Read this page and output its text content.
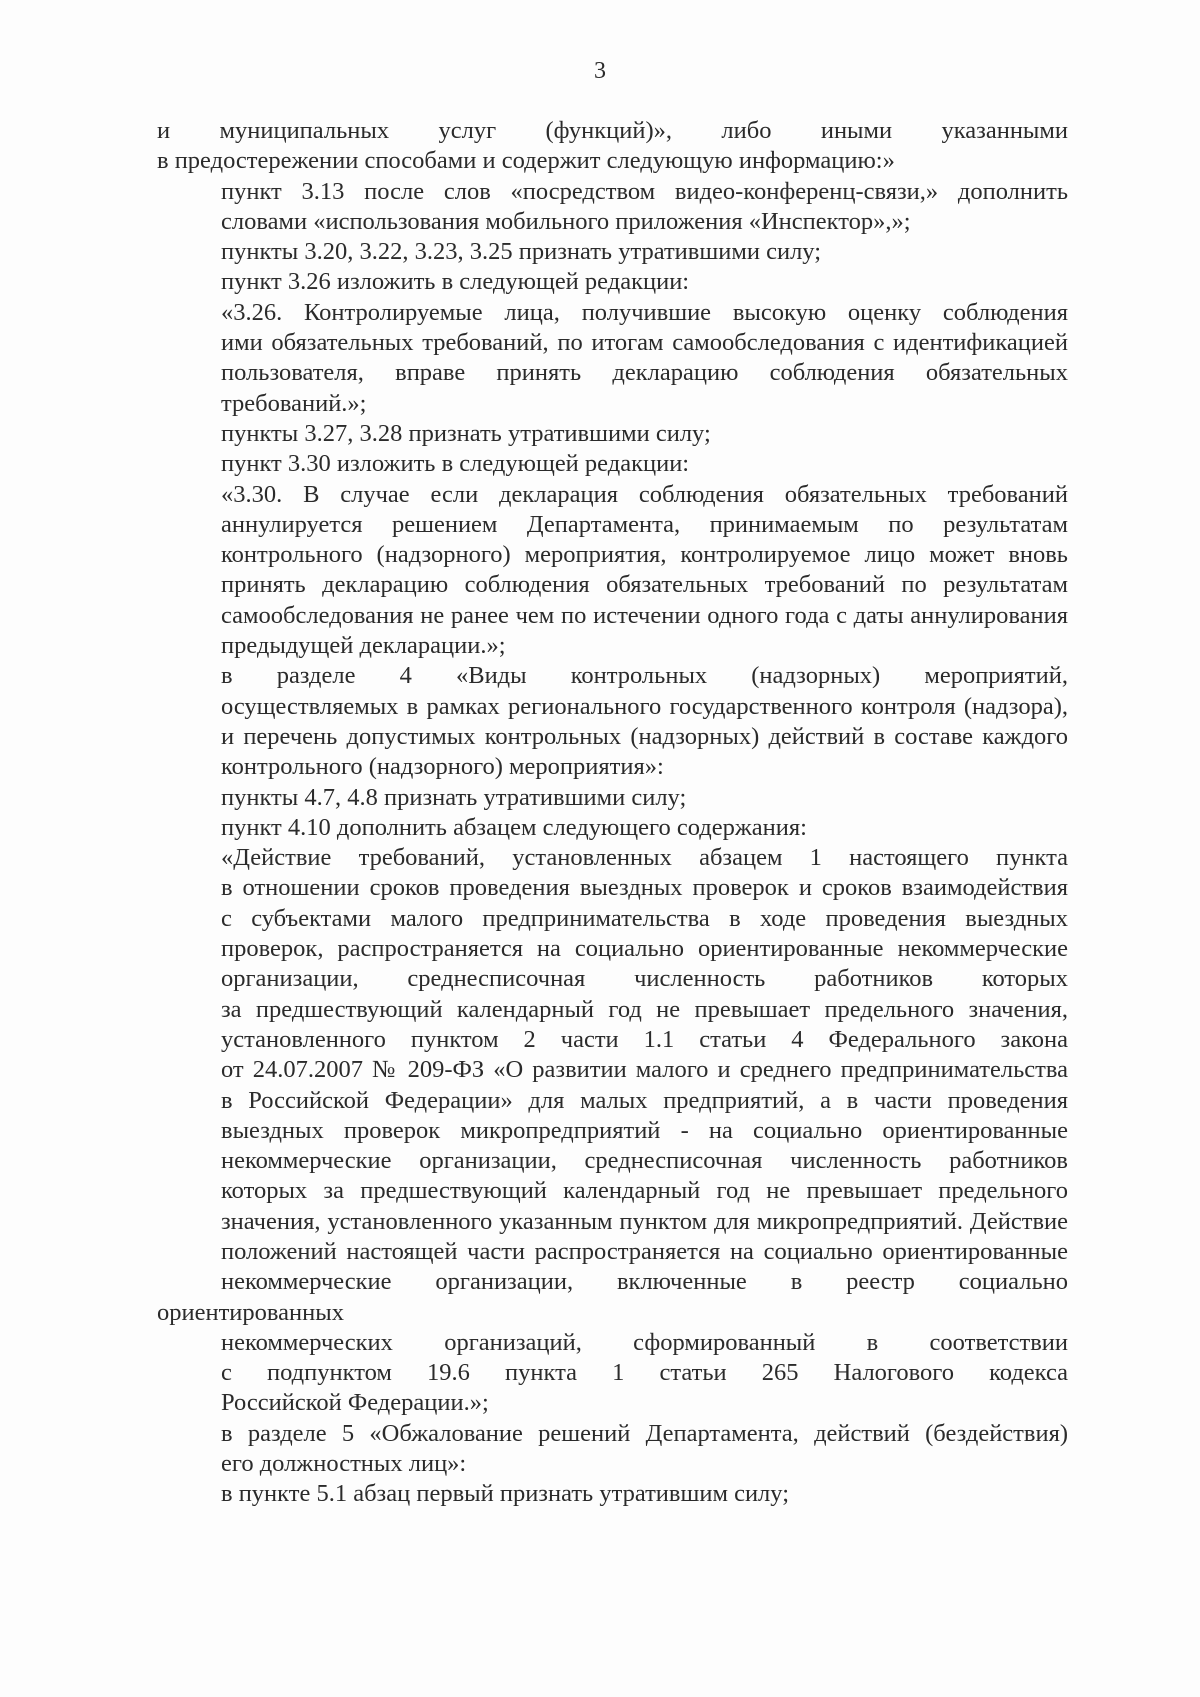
3

и муниципальных услуг (функций)», либо иными указанными
в предостережении способами и содержит следующую информацию:»

пункт 3.13 после слов «посредством видео-конференц-связи,» дополнить
словами «использования мобильного приложения «Инспектор»,»;

пункты 3.20, 3.22, 3.23, 3.25 признать утратившими силу;

пункт 3.26 изложить в следующей редакции:

«3.26. Контролируемые лица, получившие высокую оценку соблюдения
ими обязательных требований, по итогам самообследования с идентификацией
пользователя, вправе принять декларацию соблюдения обязательных
требований.»;

пункты 3.27, 3.28 признать утратившими силу;

пункт 3.30 изложить в следующей редакции:

«3.30. В случае если декларация соблюдения обязательных требований
аннулируется решением Департамента, принимаемым по результатам
контрольного (надзорного) мероприятия, контролируемое лицо может вновь
принять декларацию соблюдения обязательных требований по результатам
самообследования не ранее чем по истечении одного года с даты аннулирования
предыдущей декларации.»;

в разделе 4 «Виды контрольных (надзорных) мероприятий,
осуществляемых в рамках регионального государственного контроля (надзора),
и перечень допустимых контрольных (надзорных) действий в составе каждого
контрольного (надзорного) мероприятия»:

пункты 4.7, 4.8 признать утратившими силу;

пункт 4.10 дополнить абзацем следующего содержания:

«Действие требований, установленных абзацем 1 настоящего пункта
в отношении сроков проведения выездных проверок и сроков взаимодействия
с субъектами малого предпринимательства в ходе проведения выездных
проверок, распространяется на социально ориентированные некоммерческие
организации, среднесписочная численность работников которых
за предшествующий календарный год не превышает предельного значения,
установленного пунктом 2 части 1.1 статьи 4 Федерального закона
от 24.07.2007 № 209-ФЗ «О развитии малого и среднего предпринимательства
в Российской Федерации» для малых предприятий, а в части проведения
выездных проверок микропредприятий - на социально ориентированные
некоммерческие организации, среднесписочная численность работников
которых за предшествующий календарный год не превышает предельного
значения, установленного указанным пунктом для микропредприятий. Действие
положений настоящей части распространяется на социально ориентированные
некоммерческие организации, включенные в реестр социально ориентированных
некоммерческих организаций, сформированный в соответствии
с подпунктом 19.6 пункта 1 статьи 265 Налогового кодекса
Российской Федерации.»;

в разделе 5 «Обжалование решений Департамента, действий (бездействия)
его должностных лиц»:

в пункте 5.1 абзац первый признать утратившим силу;
